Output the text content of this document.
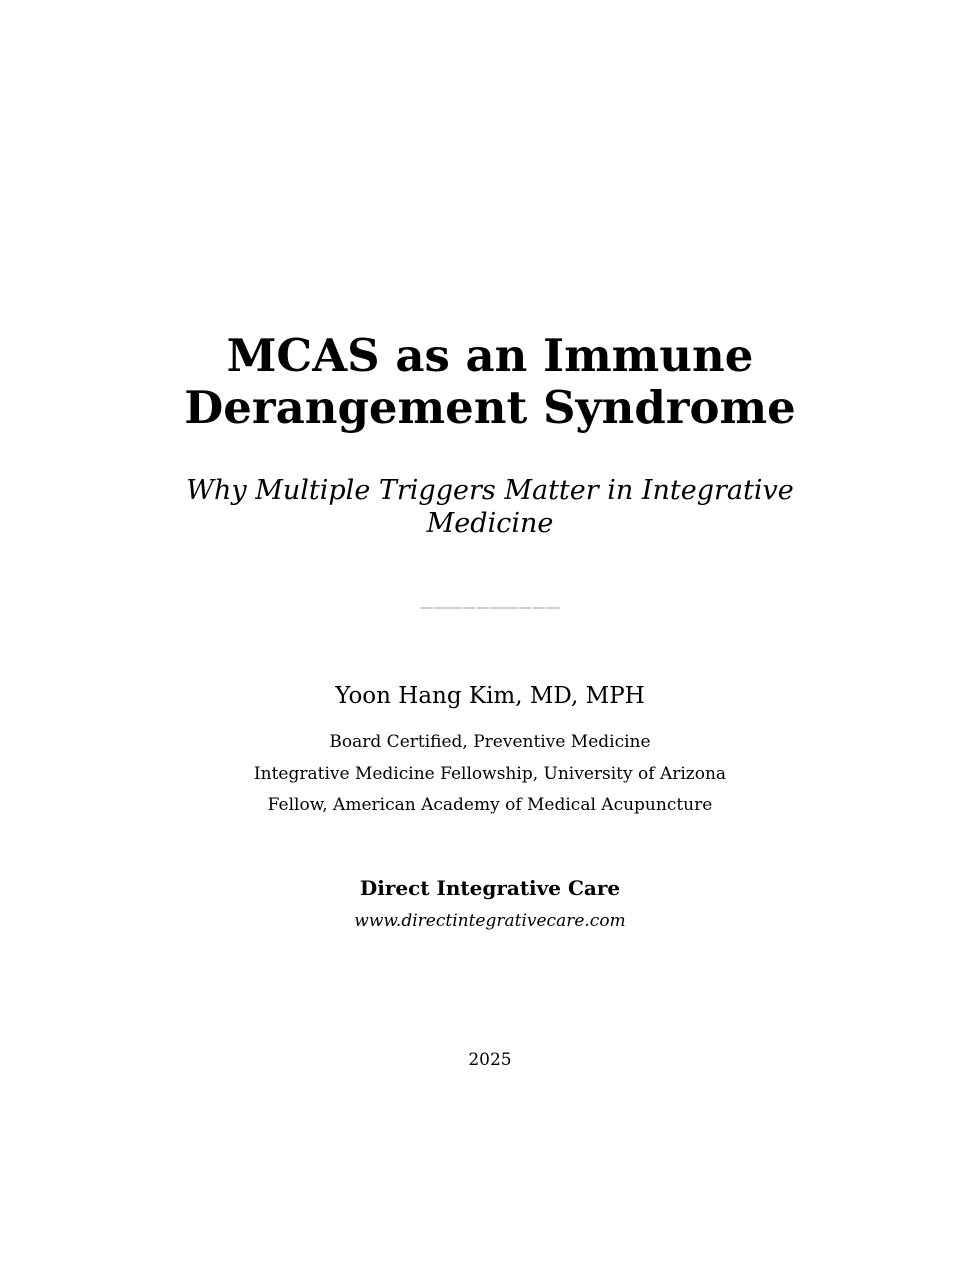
MCAS as an Immune
Derangement Syndrome

Why Multiple Triggers Matter in Integrative Medicine

——————————
Yoon Hang Kim, MD, MPH
Board Certified, Preventive Medicine
Integrative Medicine Fellowship, University of Arizona
Fellow, American Academy of Medical Acupuncture
Direct Integrative Care
www.directintegrativecare.com
2025
